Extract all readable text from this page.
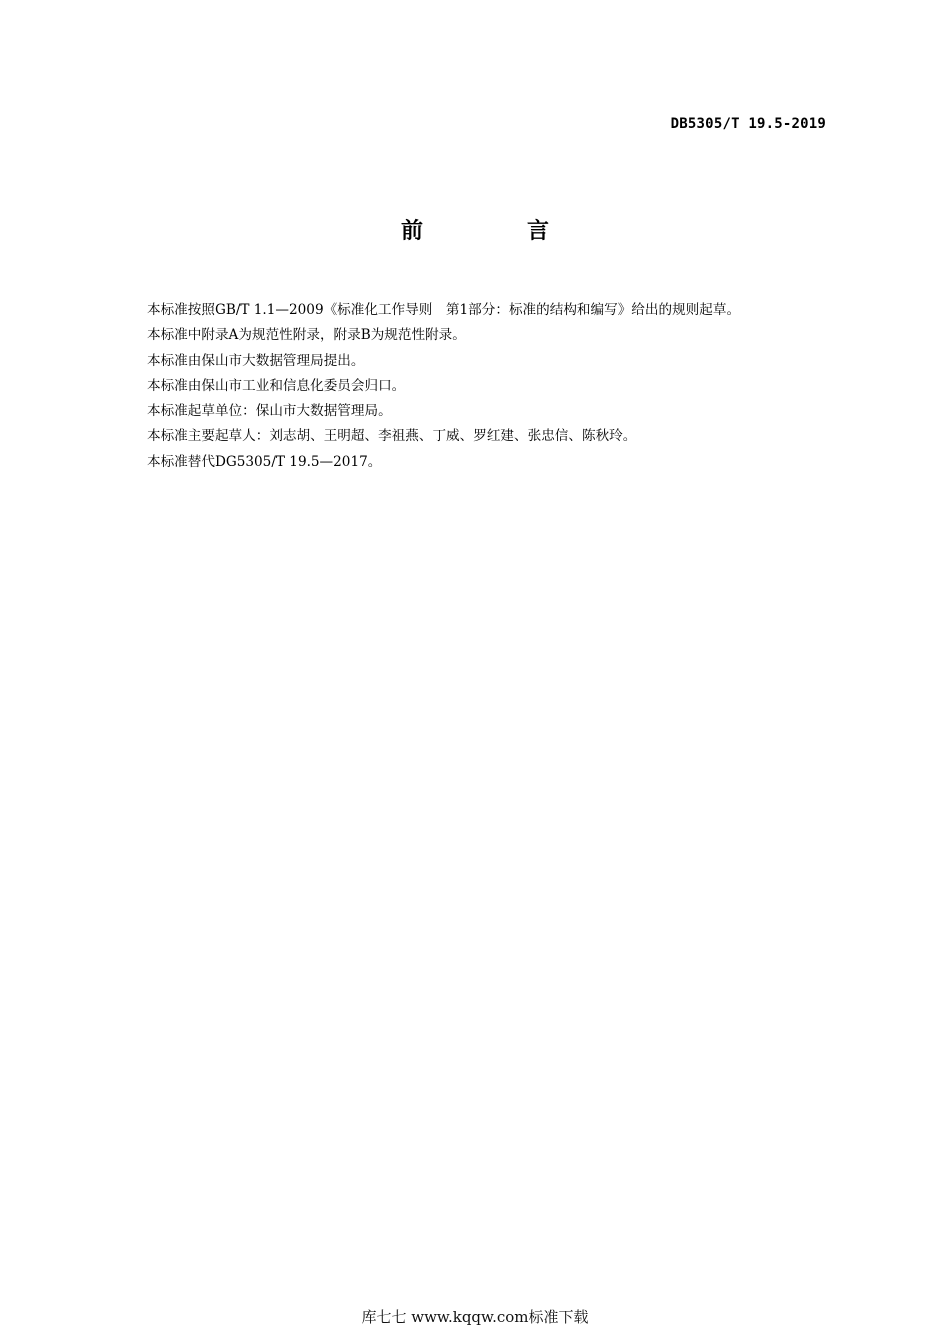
DB5305/T 19.5-2019
前	言

本标准按照GB/T 1.1—2009《标准化工作导则　第1部分：标准的结构和编写》给出的规则起草。

本标准中附录A为规范性附录，附录B为规范性附录。

本标准由保山市大数据管理局提出。

本标准由保山市工业和信息化委员会归口。

本标准起草单位：保山市大数据管理局。

本标准主要起草人：刘志胡、王明超、李祖燕、丁威、罗红建、张忠信、陈秋玲。

本标准替代DG5305/T 19.5—2017。

库七七 www.kqqw.com标准下载
